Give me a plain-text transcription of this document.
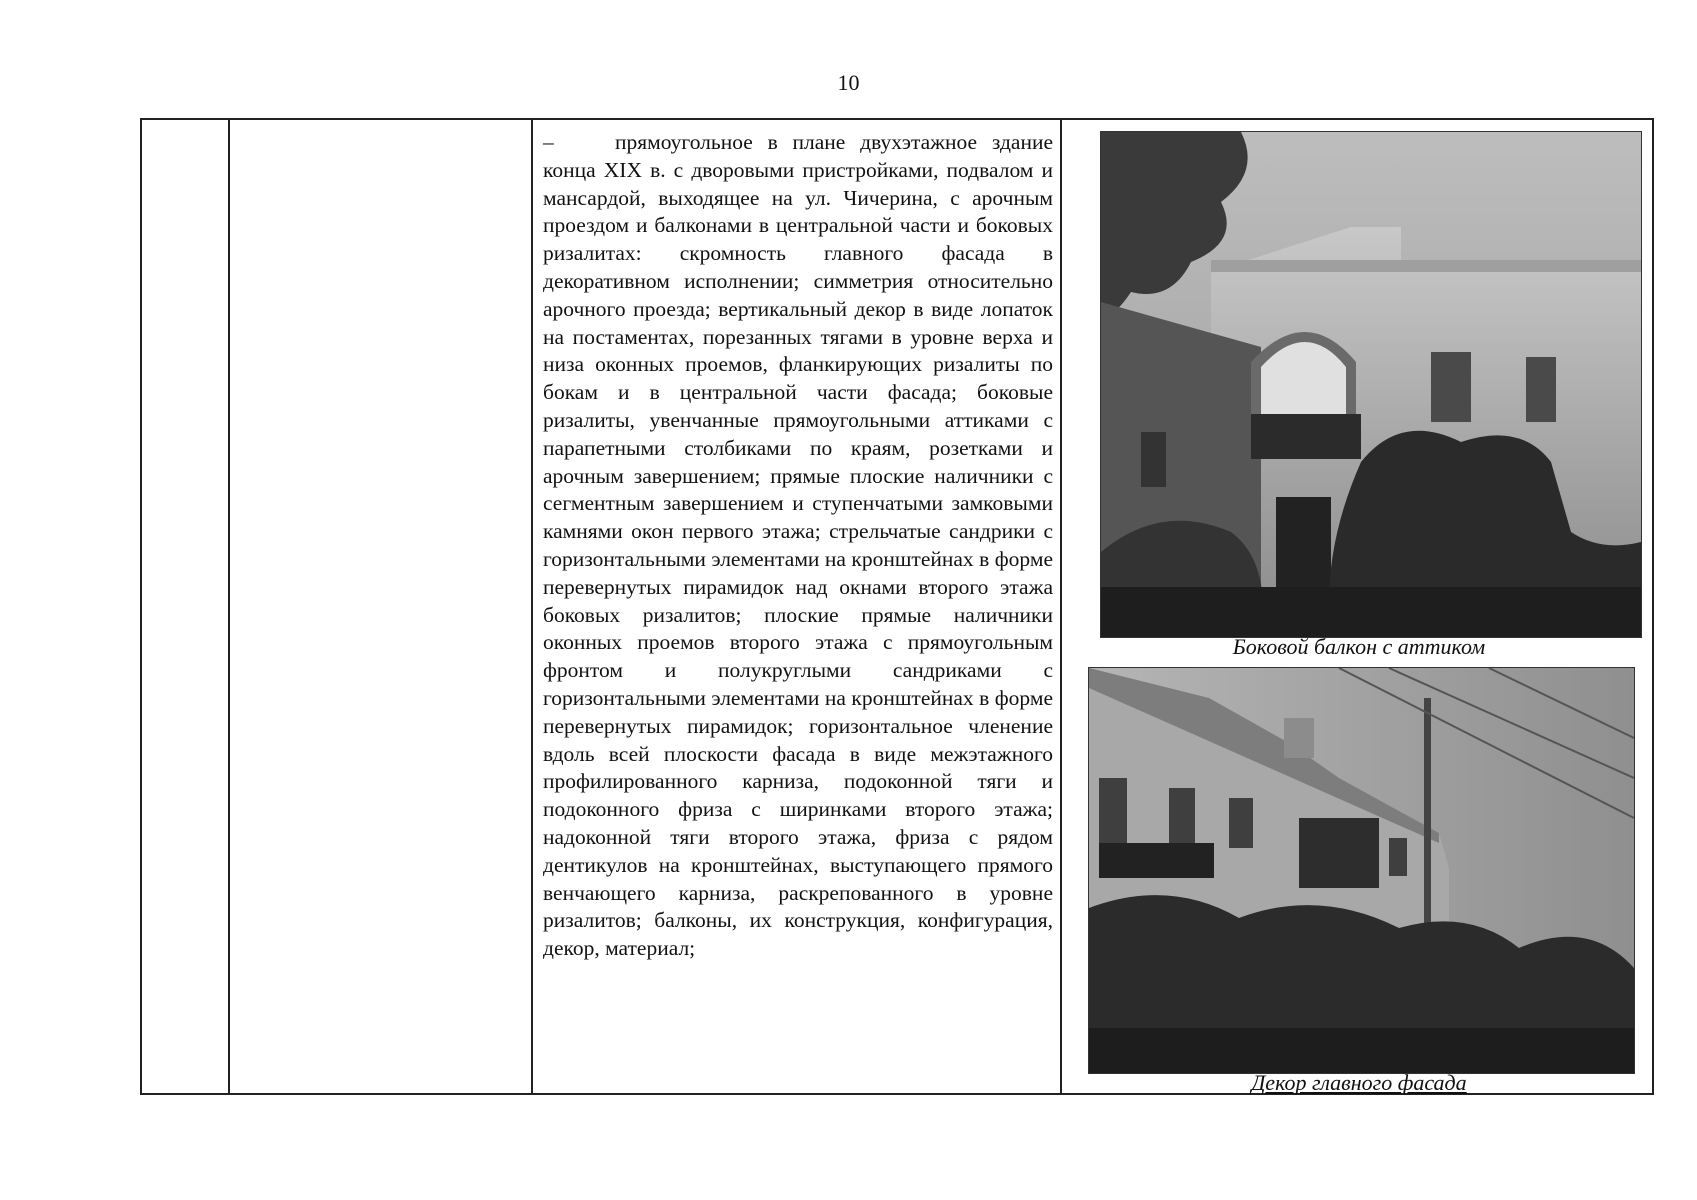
10

–	прямоугольное в плане двухэтажное здание конца XIX в. с дворовыми пристройками, подвалом и мансардой, выходящее на ул. Чичерина, с арочным проездом и балконами в центральной части и боковых ризалитах: скромность главного фасада в декоративном исполнении; симметрия относительно арочного проезда; вертикальный декор в виде лопаток на постаментах, порезанных тягами в уровне верха и низа оконных проемов, фланкирующих ризалиты по бокам и в центральной части фасада; боковые ризалиты, увенчанные прямоугольными аттиками с парапетными столбиками по краям, розетками и арочным завершением; прямые плоские наличники с сегментным завершением и ступенчатыми замковыми камнями окон первого этажа; стрельчатые сандрики с горизонтальными элементами на кронштейнах в форме перевернутых пирамидок над окнами второго этажа боковых ризалитов; плоские прямые наличники оконных проемов второго этажа с прямоугольным фронтом и полукруглыми сандриками с горизонтальными элементами на кронштейнах в форме перевернутых пирамидок; горизонтальное членение вдоль всей плоскости фасада в виде межэтажного профилированного карниза, подоконной тяги и подоконного фриза с ширинками второго этажа; надоконной тяги второго этажа, фриза с рядом дентикулов на кронштейнах, выступающего прямого венчающего карниза, раскрепованного в уровне ризалитов; балконы, их конструкция, конфигурация, декор, материал;

Боковой балкон с аттиком
Декор главного фасада
